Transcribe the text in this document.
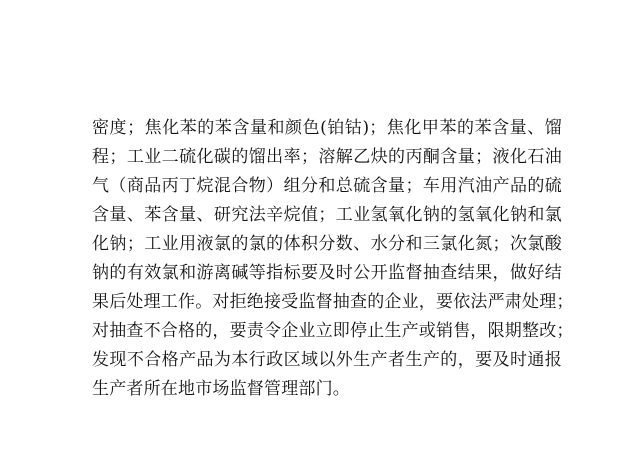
密度；焦化苯的苯含量和颜色(铂钴)；焦化甲苯的苯含量、馏
程；工业二硫化碳的馏出率；溶解乙炔的丙酮含量；液化石油
气（商品丙丁烷混合物）组分和总硫含量；车用汽油产品的硫
含量、苯含量、研究法辛烷值；工业氢氧化钠的氢氧化钠和氯
化钠；工业用液氯的氯的体积分数、水分和三氯化氮；次氯酸
钠的有效氯和游离碱等指标要及时公开监督抽查结果，做好结
果后处理工作。对拒绝接受监督抽查的企业，要依法严肃处理；
对抽查不合格的，要责令企业立即停止生产或销售，限期整改；
发现不合格产品为本行政区域以外生产者生产的，要及时通报
生产者所在地市场监督管理部门。
